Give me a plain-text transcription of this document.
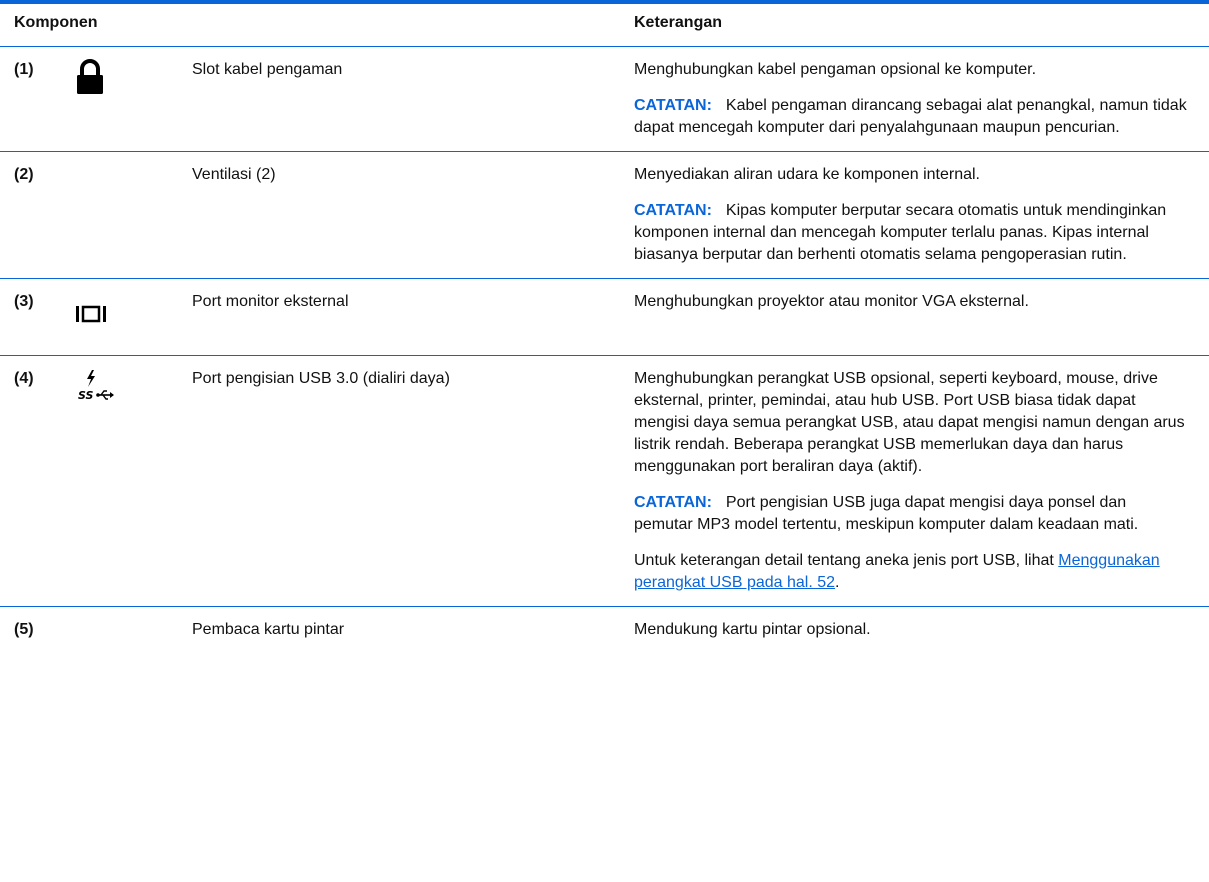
Komponen			Keterangan
(1)		Slot kabel pengaman	Menghubungkan kabel pengaman opsional ke komputer.

CATATAN: Kabel pengaman dirancang sebagai alat penangkal, namun tidak dapat mencegah komputer dari penyalahgunaan maupun pencurian.

(2)		Ventilasi (2)	Menyediakan aliran udara ke komponen internal.

CATATAN: Kipas komputer berputar secara otomatis untuk mendinginkan komponen internal dan mencegah komputer terlalu panas. Kipas internal biasanya berputar dan berhenti otomatis selama pengoperasian rutin.

(3)		Port monitor eksternal	Menghubungkan proyektor atau monitor VGA eksternal.

(4)	SS	Port pengisian USB 3.0 (dialiri daya)	Menghubungkan perangkat USB opsional, seperti keyboard, mouse, drive eksternal, printer, pemindai, atau hub USB. Port USB biasa tidak dapat mengisi daya semua perangkat USB, atau dapat mengisi namun dengan arus listrik rendah. Beberapa perangkat USB memerlukan daya dan harus menggunakan port beraliran daya (aktif).

CATATAN: Port pengisian USB juga dapat mengisi daya ponsel dan pemutar MP3 model tertentu, meskipun komputer dalam keadaan mati.

Untuk keterangan detail tentang aneka jenis port USB, lihat Menggunakan perangkat USB pada hal. 52.

(5)		Pembaca kartu pintar	Mendukung kartu pintar opsional.
